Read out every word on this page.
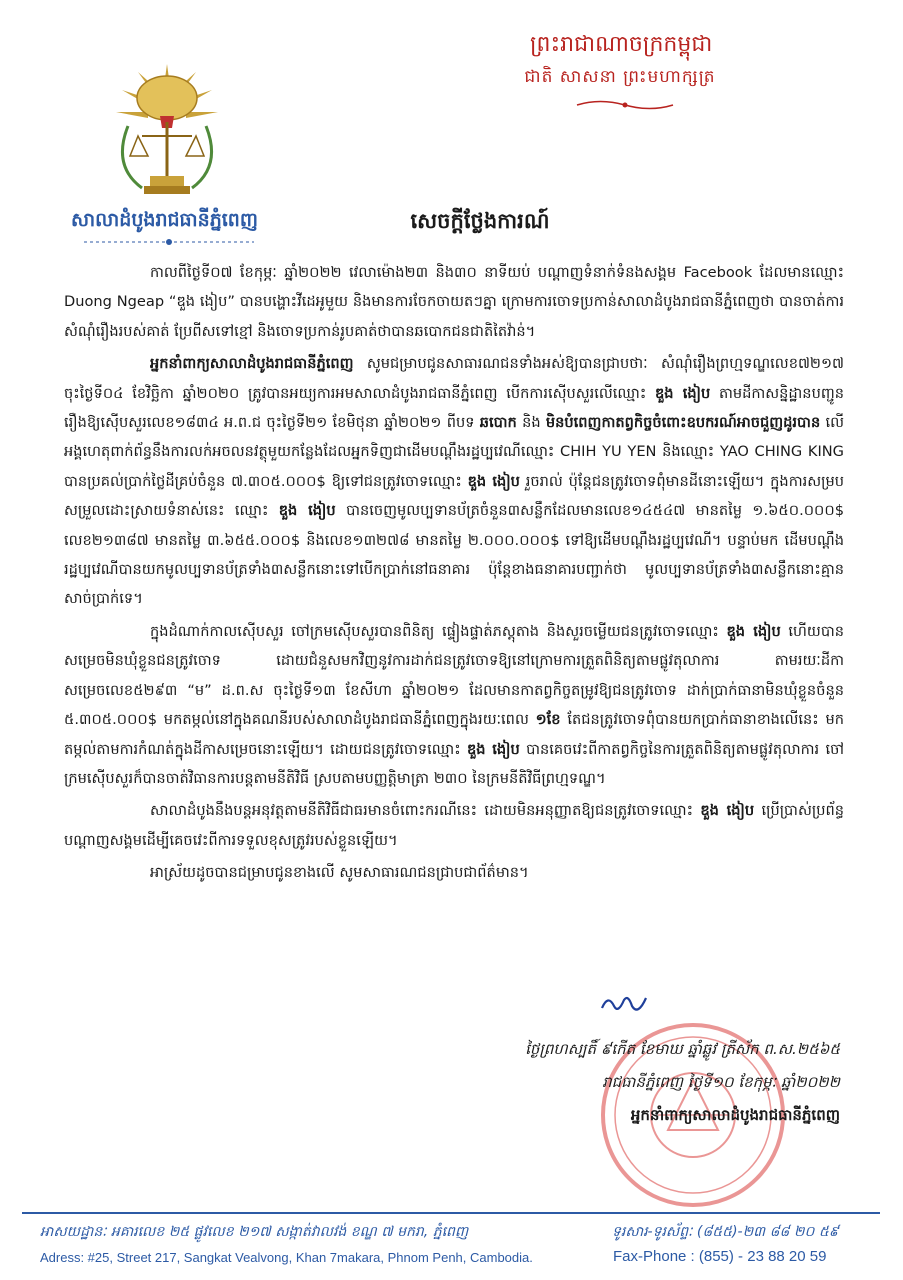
សាលាដំបូងរាជធានីភ្នំពេញ
ព្រះរាជាណាចក្រកម្ពុជា
ជាតិ សាសនា ព្រះមហាក្សត្រ
សេចក្តីថ្លែងការណ៍

កាលពីថ្ងៃទី០៧ ខែកុម្ភៈ ឆ្នាំ២០២២ វេលាម៉ោង២៣ និង៣០ នាទីយប់ បណ្តាញទំនាក់ទំនងសង្គម Facebook ដែលមានឈ្មោះ Duong Ngeap “ឌួង ងៀប” បានបង្ហោះវីដេអូមួយ និងមានការចែកចាយតៗគ្នា ក្រោមការចោទប្រកាន់សាលាដំបូងរាជធានីភ្នំពេញថា បានចាត់ការសំណុំរឿងរបស់គាត់ ប្រែពីសទៅខ្មៅ និងចោទប្រកាន់រូបគាត់ថាបានឆបោកជនជាតិតៃវ៉ាន់។

អ្នកនាំពាក្យសាលាដំបូងរាជធានីភ្នំពេញ សូមជម្រាបជូនសាធារណជនទាំងអស់ឱ្យបានជ្រាបថាៈ សំណុំរឿងព្រហ្មទណ្ឌលេខ៧២១៧ ចុះថ្ងៃទី០៤ ខែវិច្ឆិកា ឆ្នាំ២០២០ ត្រូវបានអយ្យការអមសាលាដំបូងរាជធានីភ្នំពេញ បើកការស៊ើបសួរលើឈ្មោះ ឌួង ងៀប តាមដីកាសន្និដ្ឋានបញ្ជូនរឿងឱ្យស៊ើបសួរលេខ១៨៣៤ អ.ព.ជ ចុះថ្ងៃទី២១ ខែមិថុនា ឆ្នាំ២០២១ ពីបទ ឆបោក និង មិនបំពេញកាតព្វកិច្ចចំពោះឧបករណ៍អាចជួញដូរបាន លើអង្គហេតុពាក់ព័ន្ធនឹងការលក់អចលនវត្ថុមួយកន្លែងដែលអ្នកទិញជាដើមបណ្តឹងរដ្ឋប្បវេណីឈ្មោះ CHIH YU YEN និងឈ្មោះ YAO CHING KING បានប្រគល់ប្រាក់ថ្លៃដីគ្រប់ចំនួន ៧.៣០៥.០០០$ ឱ្យទៅជនត្រូវចោទឈ្មោះ ឌួង ងៀប រួចរាល់ ប៉ុន្តែជនត្រូវចោទពុំមានដីនោះឡើយ។ ក្នុងការសម្របសម្រួលដោះស្រាយទំនាស់នេះ ឈ្មោះ ឌួង ងៀប បានចេញមូលប្បទានប័ត្រចំនួន៣សន្លឹកដែលមានលេខ១៤៥៤៧ មានតម្លៃ ១.៦៥០.០០០$ លេខ២១៣៨៧ មានតម្លៃ ៣.៦៥៥.០០០$ និងលេខ១៣២៧៨ មានតម្លៃ ២.០០០.០០០$ ទៅឱ្យដើមបណ្តឹងរដ្ឋប្បវេណី។ បន្ទាប់មក ដើមបណ្តឹងរដ្ឋប្បវេណីបានយកមូលប្បទានប័ត្រទាំង៣សន្លឹកនោះទៅបើកប្រាក់នៅធនាគារ ប៉ុន្តែខាងធនាគារបញ្ជាក់ថា មូលប្បទានប័ត្រទាំង៣សន្លឹកនោះគ្មានសាច់ប្រាក់ទេ។

ក្នុងដំណាក់កាលស៊ើបសួរ ចៅក្រមស៊ើបសួរបានពិនិត្យ ផ្ទៀងផ្ទាត់ភស្តុតាង និងសួរចម្លើយជនត្រូវចោទឈ្មោះ ឌួង ងៀប ហើយបានសម្រេចមិនឃុំខ្លួនជនត្រូវចោទ ដោយជំនួសមកវិញនូវការដាក់ជនត្រូវចោទឱ្យនៅក្រោមការត្រួតពិនិត្យតាមផ្លូវតុលាការ តាមរយៈដីកាសម្រេចលេខ៥២៩៣ “ម” ដ.ព.ស ចុះថ្ងៃទី១៣ ខែសីហា ឆ្នាំ២០២១ ដែលមានកាតព្វកិច្ចតម្រូវឱ្យជនត្រូវចោទ ដាក់ប្រាក់ធានាមិនឃុំខ្លួនចំនួន ៥.៣០៥.០០០$ មកតម្កល់នៅក្នុងគណនីរបស់សាលាដំបូងរាជធានីភ្នំពេញក្នុងរយៈពេល ១ខែ តែជនត្រូវចោទពុំបានយកប្រាក់ធានាខាងលើនេះ មកតម្កល់តាមការកំណត់ក្នុងដីកាសម្រេចនោះឡើយ។ ដោយជនត្រូវចោទឈ្មោះ ឌួង ងៀប បានគេចវេះពីកាតព្វកិច្ចនៃការត្រួតពិនិត្យតាមផ្លូវតុលាការ ចៅក្រមស៊ើបសួរក៏បានចាត់វិធានការបន្តតាមនីតិវិធី ស្របតាមបញ្ញត្តិមាត្រា ២៣០ នៃក្រមនីតិវិធីព្រហ្មទណ្ឌ។

សាលាដំបូងនឹងបន្តអនុវត្តតាមនីតិវិធីជាធរមានចំពោះករណីនេះ ដោយមិនអនុញ្ញាតឱ្យជនត្រូវចោទឈ្មោះ ឌួង ងៀប ប្រើប្រាស់ប្រព័ន្ធបណ្តាញសង្គមដើម្បីគេចវេះពីការទទួលខុសត្រូវរបស់ខ្លួនឡើយ។

អាស្រ័យដូចបានជម្រាបជូនខាងលើ សូមសាធារណជនជ្រាបជាព័ត៌មាន។

ថ្ងៃព្រហស្បតិ៍ ៩កើត ខែមាឃ ឆ្នាំឆ្លូវ ត្រីស័ក ព.ស.២៥៦៥
រាជធានីភ្នំពេញ ថ្ងៃទី១០ ខែកុម្ភៈ ឆ្នាំ២០២២
អ្នកនាំពាក្យសាលាដំបូងរាជធានីភ្នំពេញ
អាសយដ្ឋានៈ អគារលេខ ២៥ ផ្លូវលេខ ២១៧ សង្កាត់វាលវង់ ខណ្ឌ ៧ មករា, ភ្នំពេញ
Adress: #25, Street 217, Sangkat Vealvong, Khan 7makara, Phnom Penh, Cambodia.
ទូរសារ-ទូរស័ព្ទៈ (៨៥៥)-២៣ ៨៨ ២០ ៥៩
Fax-Phone : (855) - 23 88 20 59
